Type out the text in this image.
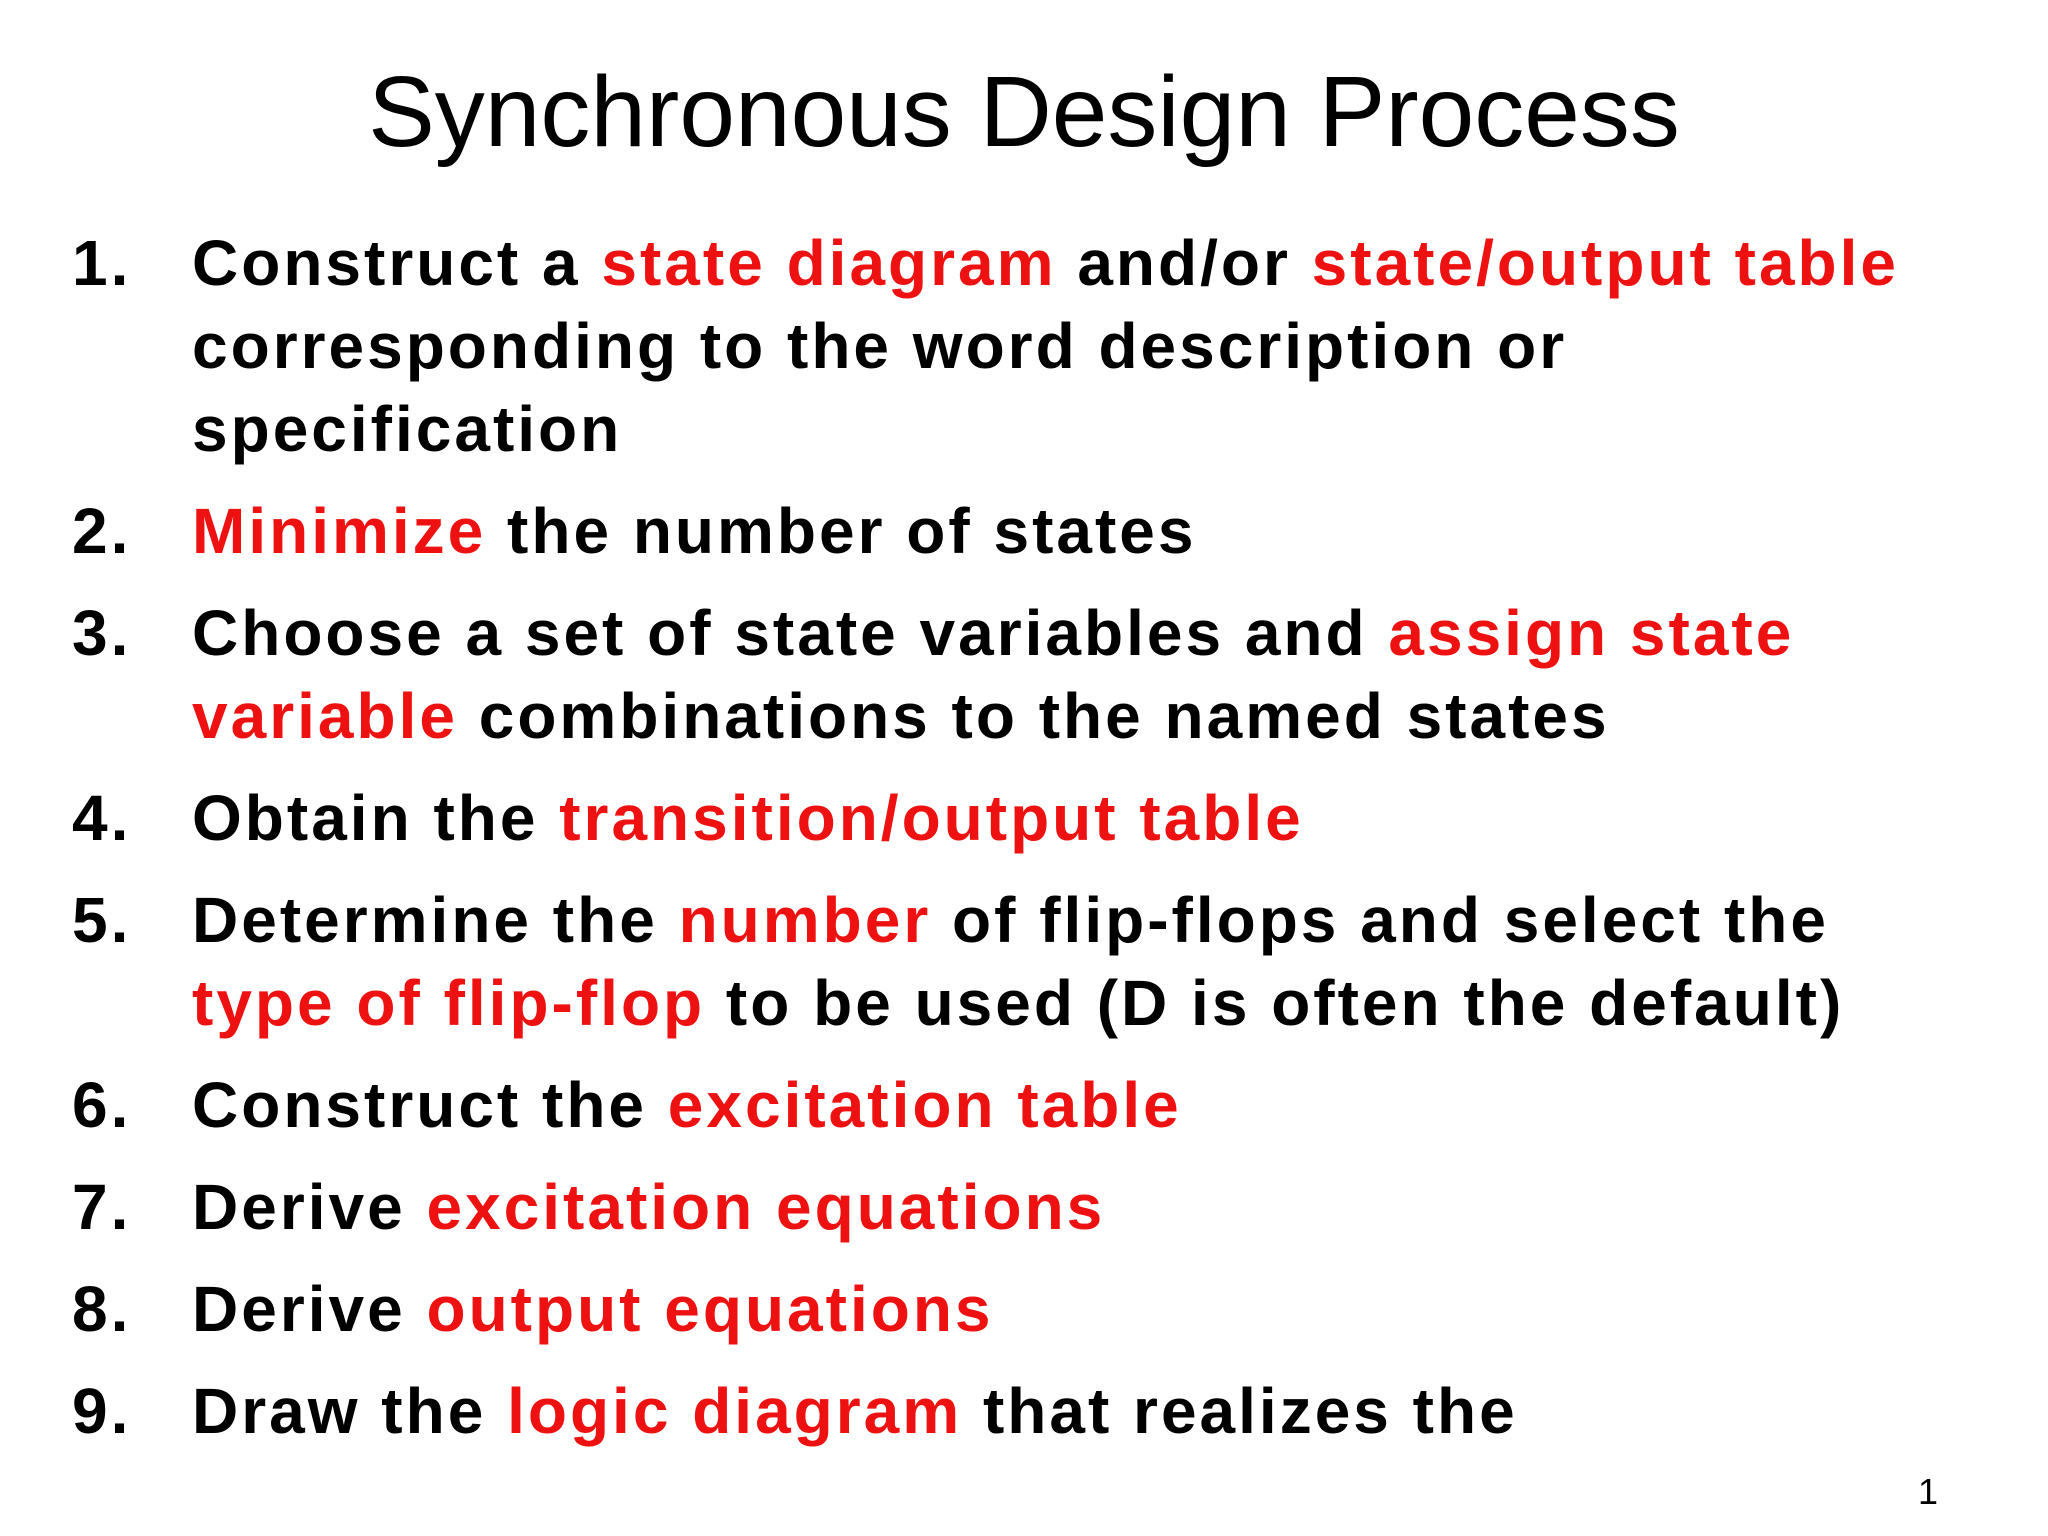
Synchronous Design Process
1. Construct a state diagram and/or state/output table corresponding to the word description or specification
2. Minimize the number of states
3. Choose a set of state variables and assign state variable combinations to the named states
4. Obtain the transition/output table
5. Determine the number of flip-flops and select the type of flip-flop to be used (D is often the default)
6. Construct the excitation table
7. Derive excitation equations
8. Derive output equations
9. Draw the logic diagram that realizes the
1
